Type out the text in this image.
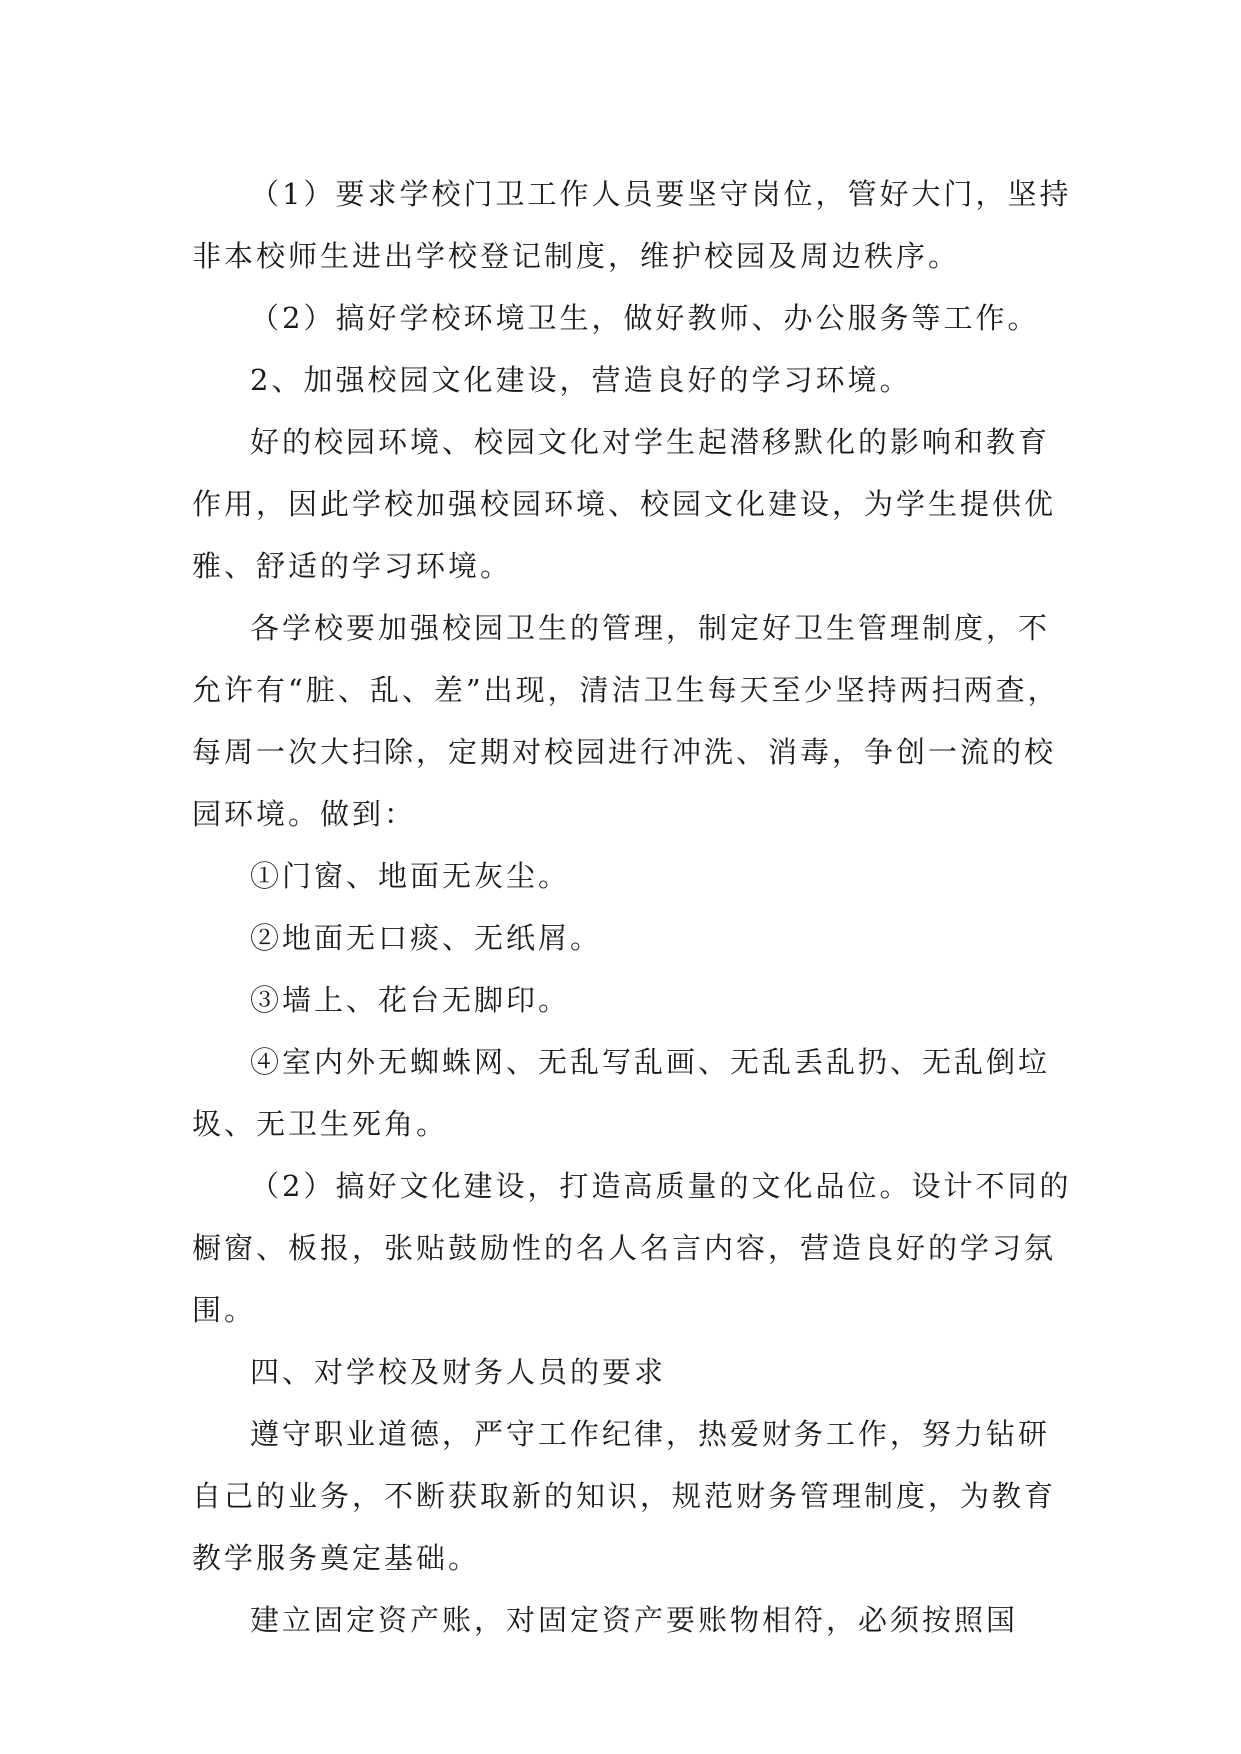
（1）要求学校门卫工作人员要坚守岗位，管好大门，坚持非本校师生进出学校登记制度，维护校园及周边秩序。

（2）搞好学校环境卫生，做好教师、办公服务等工作。

2、加强校园文化建设，营造良好的学习环境。

好的校园环境、校园文化对学生起潜移默化的影响和教育作用，因此学校加强校园环境、校园文化建设，为学生提供优雅、舒适的学习环境。

各学校要加强校园卫生的管理，制定好卫生管理制度，不允许有“脏、乱、差”出现，清洁卫生每天至少坚持两扫两查，每周一次大扫除，定期对校园进行冲洗、消毒，争创一流的校园环境。做到：

①门窗、地面无灰尘。

②地面无口痰、无纸屑。

③墙上、花台无脚印。

④室内外无蜘蛛网、无乱写乱画、无乱丢乱扔、无乱倒垃圾、无卫生死角。

（2）搞好文化建设，打造高质量的文化品位。设计不同的橱窗、板报，张贴鼓励性的名人名言内容，营造良好的学习氛围。

四、对学校及财务人员的要求

遵守职业道德，严守工作纪律，热爱财务工作，努力钻研自己的业务，不断获取新的知识，规范财务管理制度，为教育教学服务奠定基础。

建立固定资产账，对固定资产要账物相符，必须按照国
